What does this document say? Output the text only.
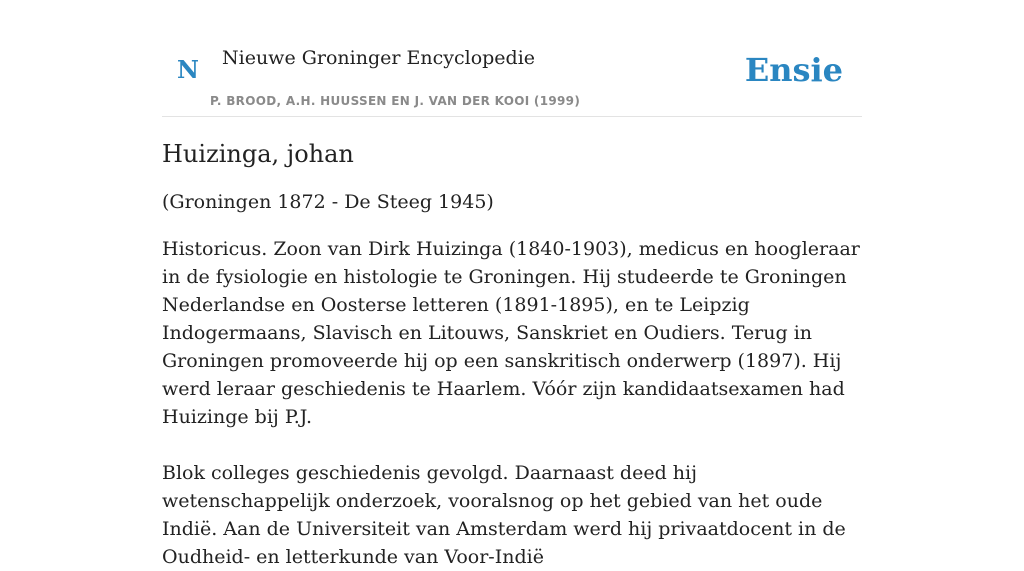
N Nieuwe Groninger Encyclopedie
P. BROOD, A.H. HUUSSEN EN J. VAN DER KOOI (1999)
Ensie
Huizinga, johan

(Groningen 1872 - De Steeg 1945)

Historicus. Zoon van Dirk Huizinga (1840-1903), medicus en hoogleraar in de fysiologie en histologie te Groningen. Hij studeerde te Groningen Nederlandse en Oosterse letteren (1891-1895), en te Leipzig Indogermaans, Slavisch en Litouws, Sanskriet en Oudiers. Terug in Groningen promoveerde hij op een sanskritisch onderwerp (1897). Hij werd leraar geschiedenis te Haarlem. Vóór zijn kandidaatsexamen had Huizinge bij P.J.

Blok colleges geschiedenis gevolgd. Daarnaast deed hij wetenschappelijk onderzoek, vooralsnog op het gebied van het oude Indië. Aan de Universiteit van Amsterdam werd hij privaatdocent in de Oudheid- en letterkunde van Voor-Indië
